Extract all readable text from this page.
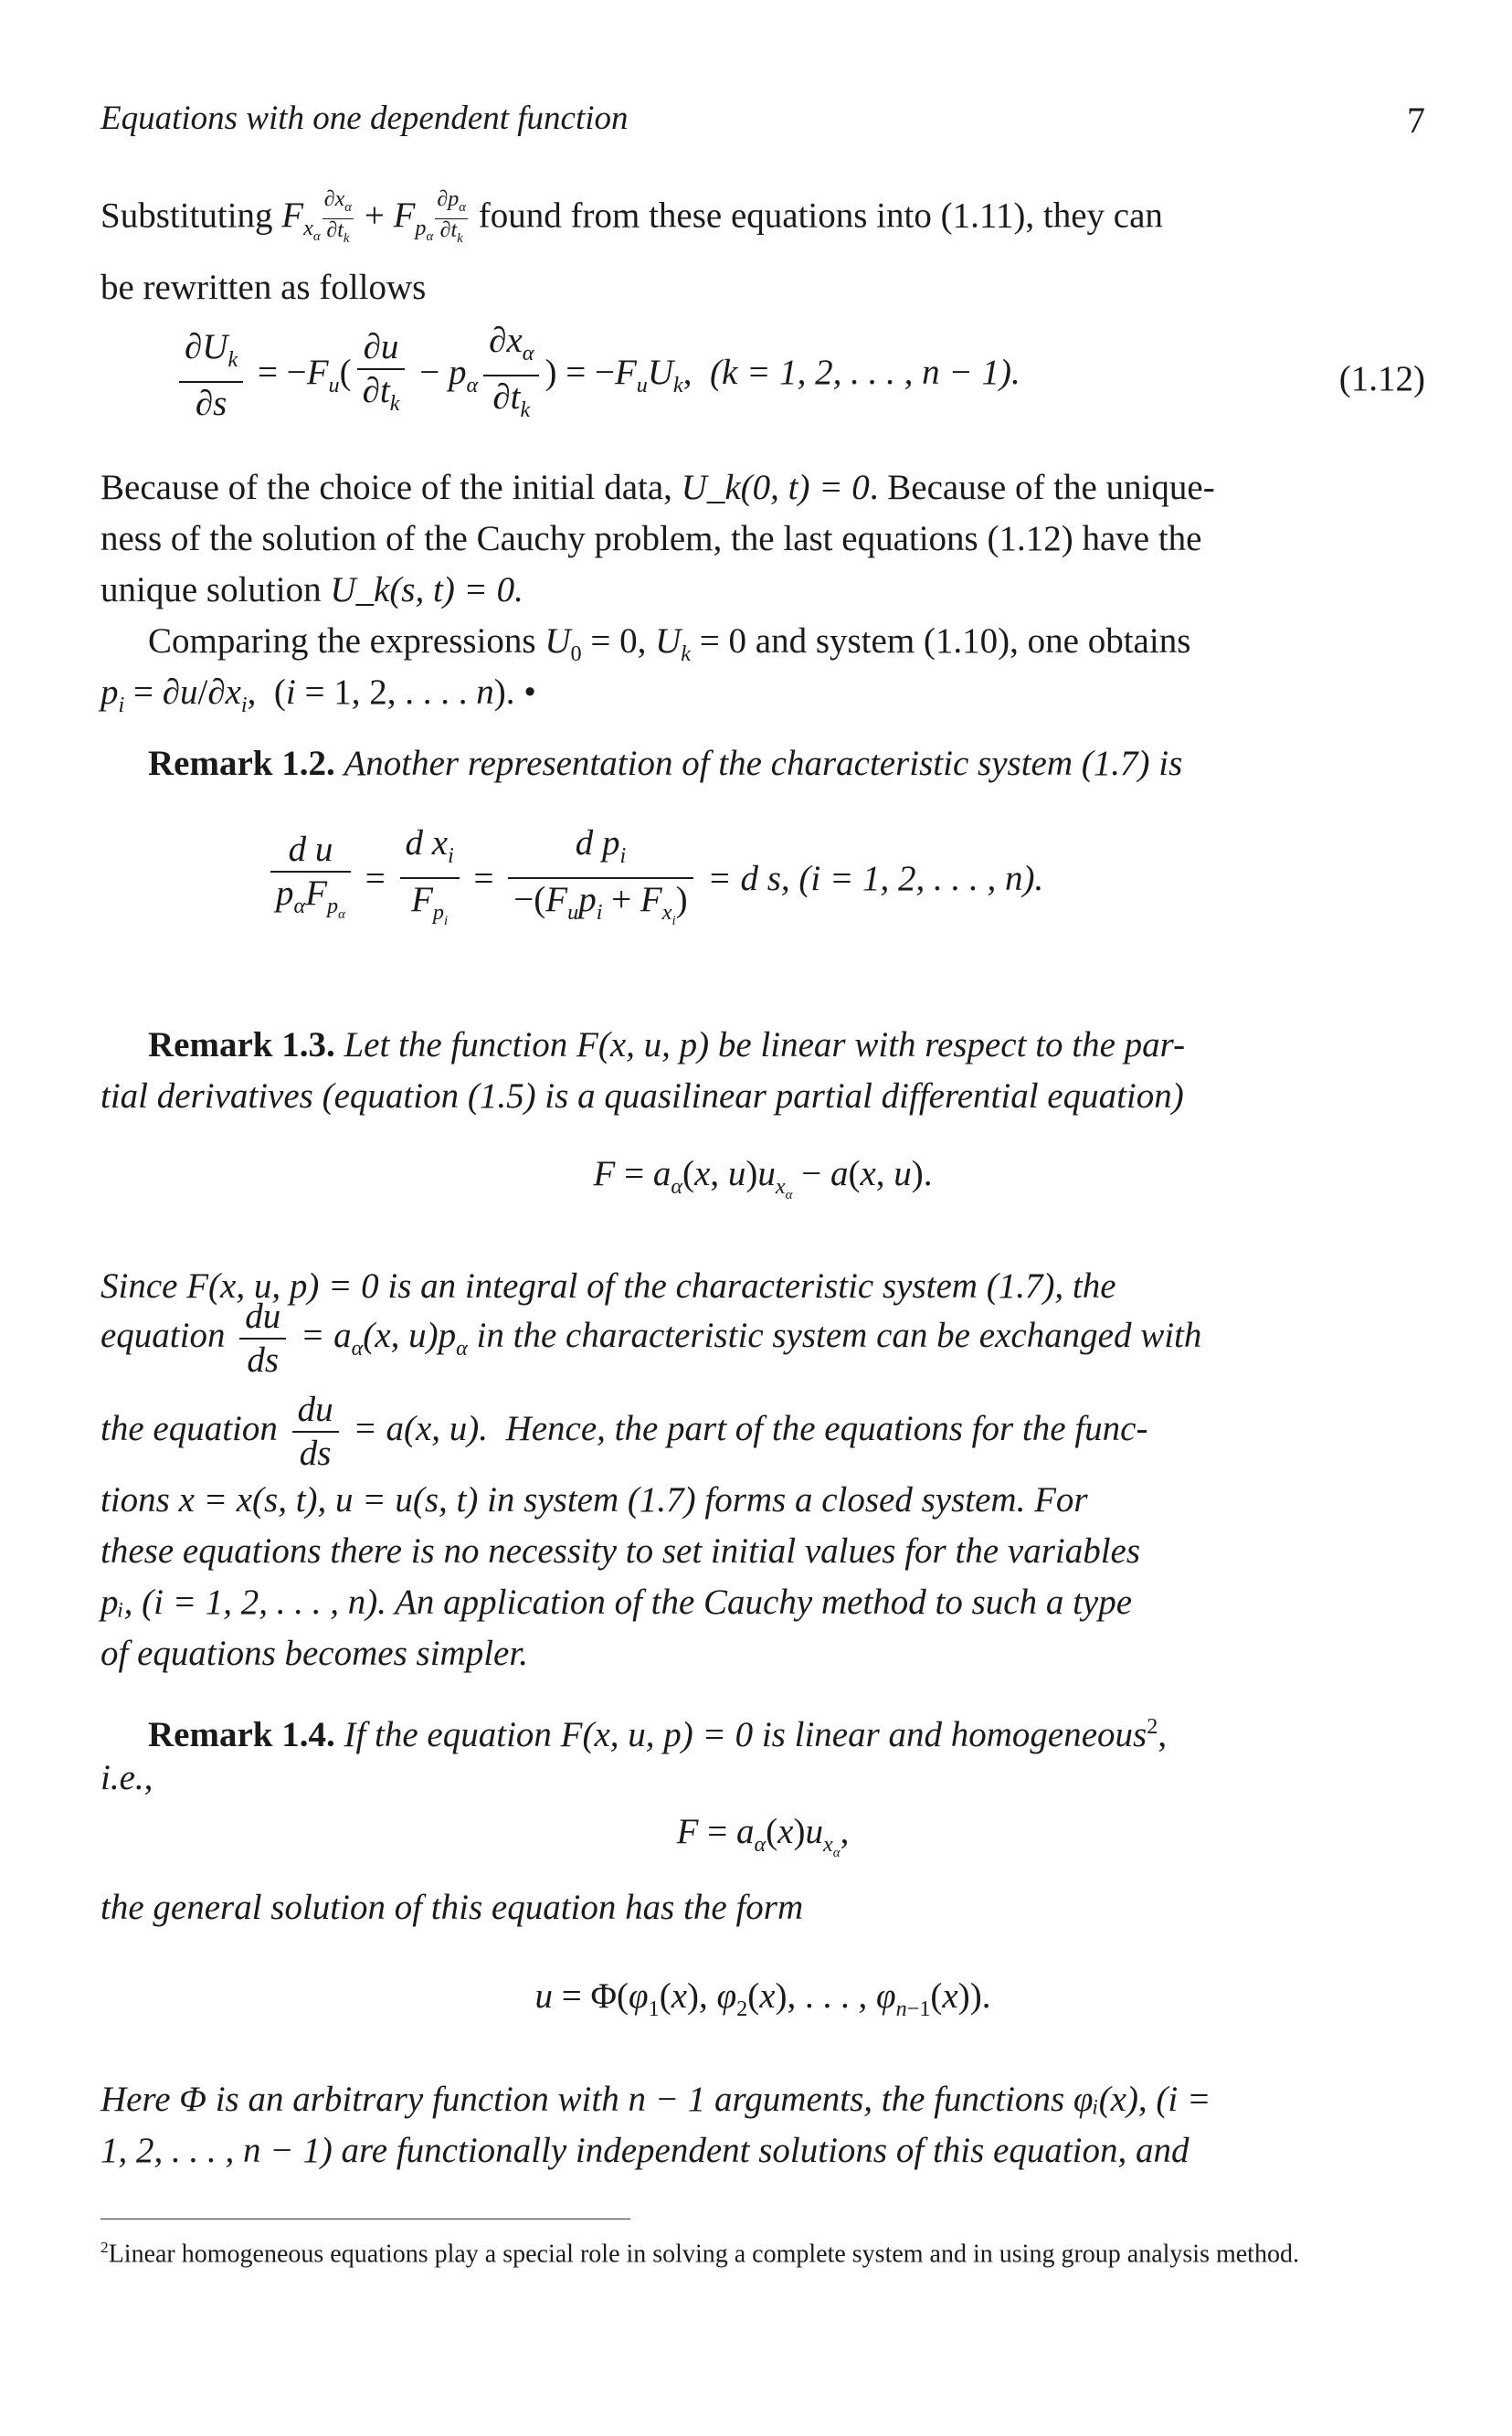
Equations with one dependent function	7
Substituting $F_{x_\alpha} \frac{\partial x_\alpha}{\partial t_k} + F_{p_\alpha} \frac{\partial p_\alpha}{\partial t_k}$ found from these equations into (1.11), they can
be rewritten as follows
$\frac{\partial U_k}{\partial s} = -F_u( \frac{\partial u}{\partial t_k} - p_\alpha \frac{\partial x_\alpha}{\partial t_k}$ ) = $-F_uU_k$,  (k = 1, 2, . . . , n − 1).	(1.12)
Because of the choice of the initial data, U_k(0, t) = 0. Because of the unique-
ness of the solution of the Cauchy problem, the last equations (1.12) have the
unique solution U_k(s, t) = 0.
Comparing the expressions $U_0 = 0$, $U_k = 0$ and system (1.10), one obtains
$p_i = \partial u/\partial x_i$,  (i = 1, 2, . . . . n). •
Remark 1.2. Another representation of the characteristic system (1.7) is
$\frac{\text{d u}}{p_\alpha F_{p_\alpha}} = \frac{d x_i}{F_{p_i}} = \frac{d p_i}{-(F_up_i + F_{x_i})} = d$ s, (i = 1, 2, . . . , n).
Remark 1.3. Let the function F(x, u, p) be linear with respect to the par-
tial derivatives (equation (1.5) is a quasilinear partial differential equation)
$F = a_\alpha(x$, $u)u_{x_\alpha} - a(x$, u).
Since F(x, u, p) = 0 is an integral of the characteristic system (1.7), the
equation $\frac{du}{ds} = a_\alpha(x$, $u)p_\alpha$ in the characteristic system can be exchanged with
the equation $\frac{du}{ds} = a(x$, u).  Hence, the part of the equations for the func-
tions x = x(s, t), u = u(s, t) in system (1.7) forms a closed system. For
these equations there is no necessity to set initial values for the variables
pᵢ, (i = 1, 2, . . . , n). An application of the Cauchy method to such a type
of equations becomes simpler.
Remark 1.4. If the equation F(x, u, p) = 0 is linear and homogeneous$^2$,
i.e.,
$F = a_\alpha(x)u_{x_\alpha}$,
the general solution of this equation has the form
$u = \Phi(\varphi_1(x)$, $\varphi_2(x)$, . . . , $\varphi_{n-1}(x)$).
Here Φ is an arbitrary function with n − 1 arguments, the functions φᵢ(x), (i =
1, 2, . . . , n − 1) are functionally independent solutions of this equation, and
$^2$Linear homogeneous equations play a special role in solving a complete system and in using group analysis method.
